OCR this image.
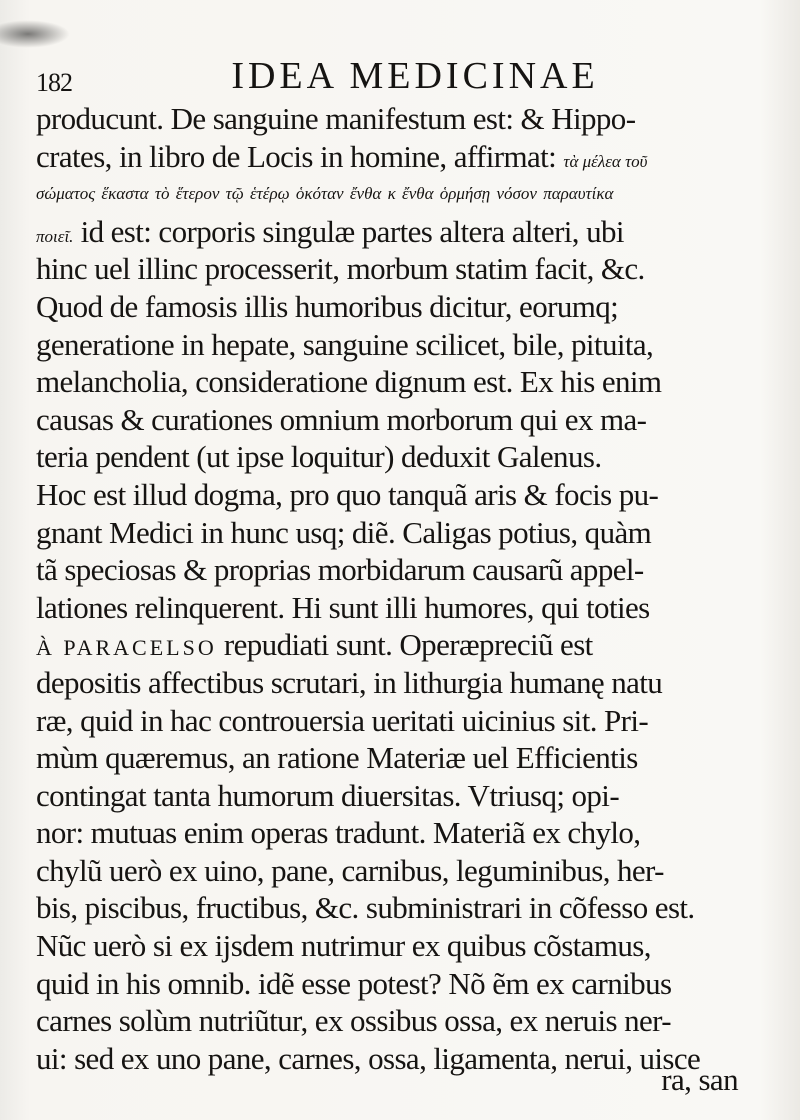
182	IDEA MEDICINAE
producunt. De sanguine manifestum est: & Hippo-
crates, in libro de Locis in homine, affirmat: τὰ μέλεα τοῦ
σώματος ἕκαστα τὸ ἕτερον τῷ ἑτέρῳ ὁκόταν ἔνθα κ ἔνθα ὁρμήσῃ νόσον παραυτίκα
ποιεῖ. id est: corporis singulæ partes altera alteri, ubi
hinc uel illinc processerit, morbum statim facit, &c.
Quod de famosis illis humoribus dicitur, eorumq;
generatione in hepate, sanguine scilicet, bile, pituita,
melancholia, consideratione dignum est. Ex his enim
causas & curationes omnium morborum qui ex ma-
teria pendent (ut ipse loquitur) deduxit Galenus.
Hoc est illud dogma, pro quo tanquã aris & focis pu-
gnant Medici in hunc usq; diẽ. Caligas potius, quàm
tã speciosas & proprias morbidarum causarũ appel-
lationes relinquerent. Hi sunt illi humores, qui toties
À PARACELSO repudiati sunt. Operæpreciũ est
depositis affectibus scrutari, in lithurgia humanę natu
ræ, quid in hac controuersia ueritati uicinius sit. Pri-
mùm quæremus, an ratione Materiæ uel Efficientis
contingat tanta humorum diuersitas. Vtriusq; opi-
nor: mutuas enim operas tradunt. Materiã ex chylo,
chylũ uerò ex uino, pane, carnibus, leguminibus, her-
bis, piscibus, fructibus, &c. subministrari in cõfesso est.
Nũc uerò si ex ijsdem nutrimur ex quibus cõstamus,
quid in his omnib. idẽ esse potest? Nõ ẽm ex carnibus
carnes solùm nutriũtur, ex ossibus ossa, ex neruis ner-
ui: sed ex uno pane, carnes, ossa, ligamenta, nerui, uisce
ra, san
